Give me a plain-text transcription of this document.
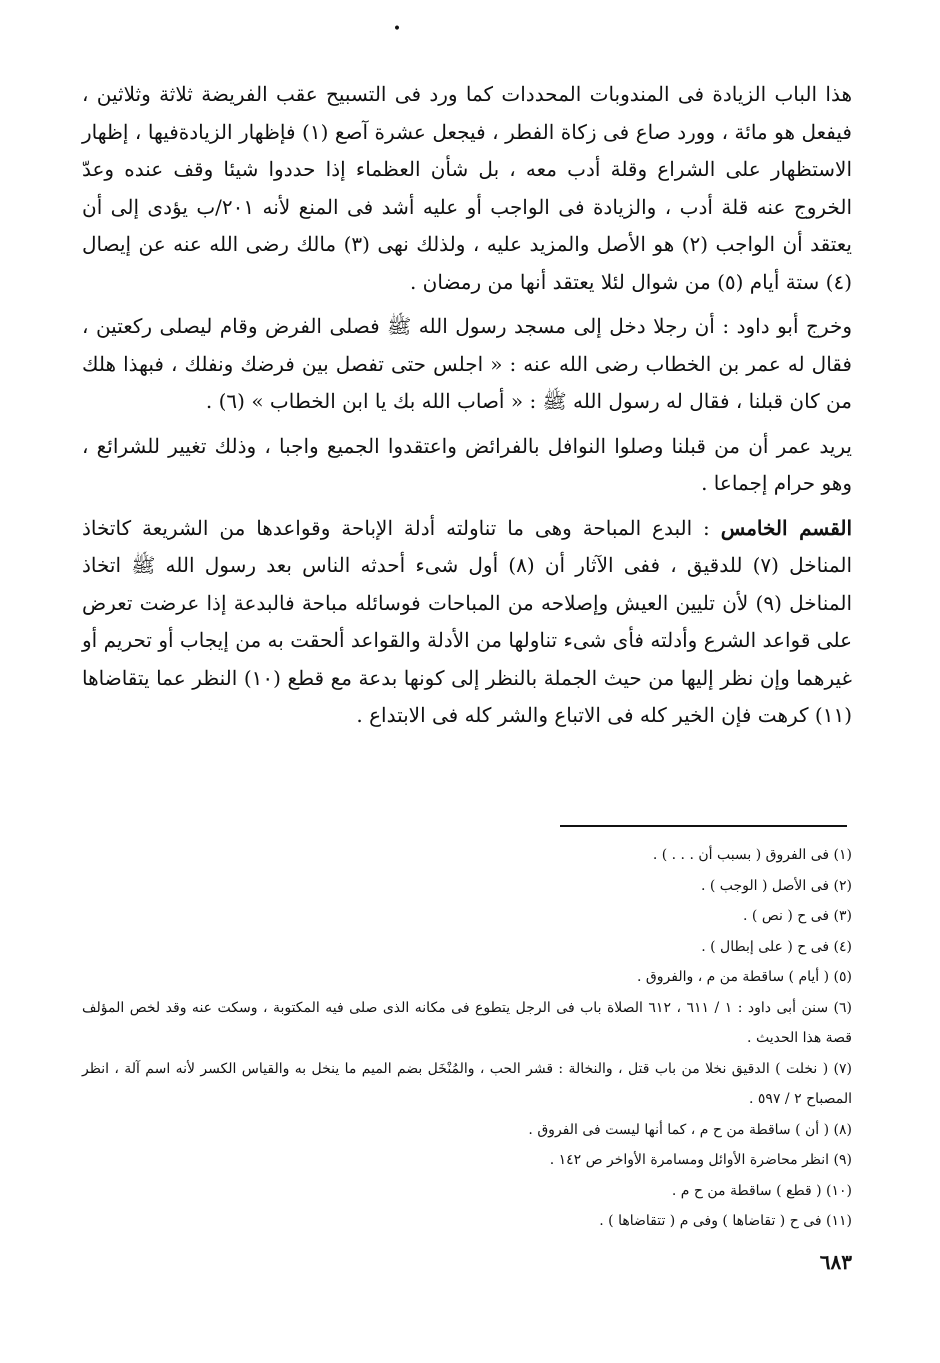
•

هذا الباب الزيادة فى المندوبات المحددات كما ورد فى التسبيح عقب الفريضة ثلاثة وثلاثين ، فيفعل هو مائة ، وورد صاع فى زكاة الفطر ، فيجعل عشرة آصع (١) فإظهار الزيادةفيها ، إظهار الاستظهار على الشراع وقلة أدب معه ، بل شأن العظماء إذا حددوا شيئا وقف عنده وعدّ الخروج عنه قلة أدب ، والزيادة فى الواجب أو عليه أشد فى المنع لأنه ٢٠١/ب يؤدى إلى أن يعتقد أن الواجب (٢) هو الأصل والمزيد عليه ، ولذلك نهى (٣) مالك رضى الله عنه عن إيصال (٤) ستة أيام (٥) من شوال لئلا يعتقد أنها من رمضان .

وخرج أبو داود : أن رجلا دخل إلى مسجد رسول الله ﷺ فصلى الفرض وقام ليصلى ركعتين ، فقال له عمر بن الخطاب رضى الله عنه : « اجلس حتى تفصل بين فرضك ونفلك ، فبهذا هلك من كان قبلنا ، فقال له رسول الله ﷺ : « أصاب الله بك يا ابن الخطاب » (٦) .

يريد عمر أن من قبلنا وصلوا النوافل بالفرائض واعتقدوا الجميع واجبا ، وذلك تغيير للشرائع ، وهو حرام إجماعا .

القسم الخامس : البدع المباحة وهى ما تناولته أدلة الإباحة وقواعدها من الشريعة كاتخاذ المناخل (٧) للدقيق ، ففى الآثار أن (٨) أول شىء أحدثه الناس بعد رسول الله ﷺ اتخاذ المناخل (٩) لأن تليين العيش وإصلاحه من المباحات فوسائله مباحة فالبدعة إذا عرضت تعرض على قواعد الشرع وأدلته فأى شىء تناولها من الأدلة والقواعد ألحقت به من إيجاب أو تحريم أو غيرهما وإن نظر إليها من حيث الجملة بالنظر إلى كونها بدعة مع قطع (١٠) النظر عما يتقاضاها (١١) كرهت فإن الخير كله فى الاتباع والشر كله فى الابتداع .

(١) فى الفروق ( بسبب أن . . . ) .
(٢) فى الأصل ( الوجب ) .
(٣) فى ح ( نص ) .
(٤) فى ح ( على إبطال ) .
(٥) ( أيام ) ساقطة من م ، والفروق .
(٦) سنن أبى داود : ١ / ٦١١ ، ٦١٢ الصلاة باب فى الرجل يتطوع فى مكانه الذى صلى فيه المكتوبة ، وسكت عنه وقد لخص المؤلف قصة هذا الحديث .
(٧) ( نخلت ) الدقيق نخلا من باب قتل ، والنخالة : قشر الحب ، والمُنْخَل بضم الميم ما ينخل به والقياس الكسر لأنه اسم آلة ، انظر المصباح ٢ / ٥٩٧ .
(٨) ( أن ) ساقطة من ح م ، كما أنها ليست فى الفروق .
(٩) انظر محاضرة الأوائل ومسامرة الأواخر ص ١٤٢ .
(١٠) ( قطع ) ساقطة من ح م .
(١١) فى ح ( تقاضاها ) وفى م ( تتقاضاها ) .
٦٨٣
